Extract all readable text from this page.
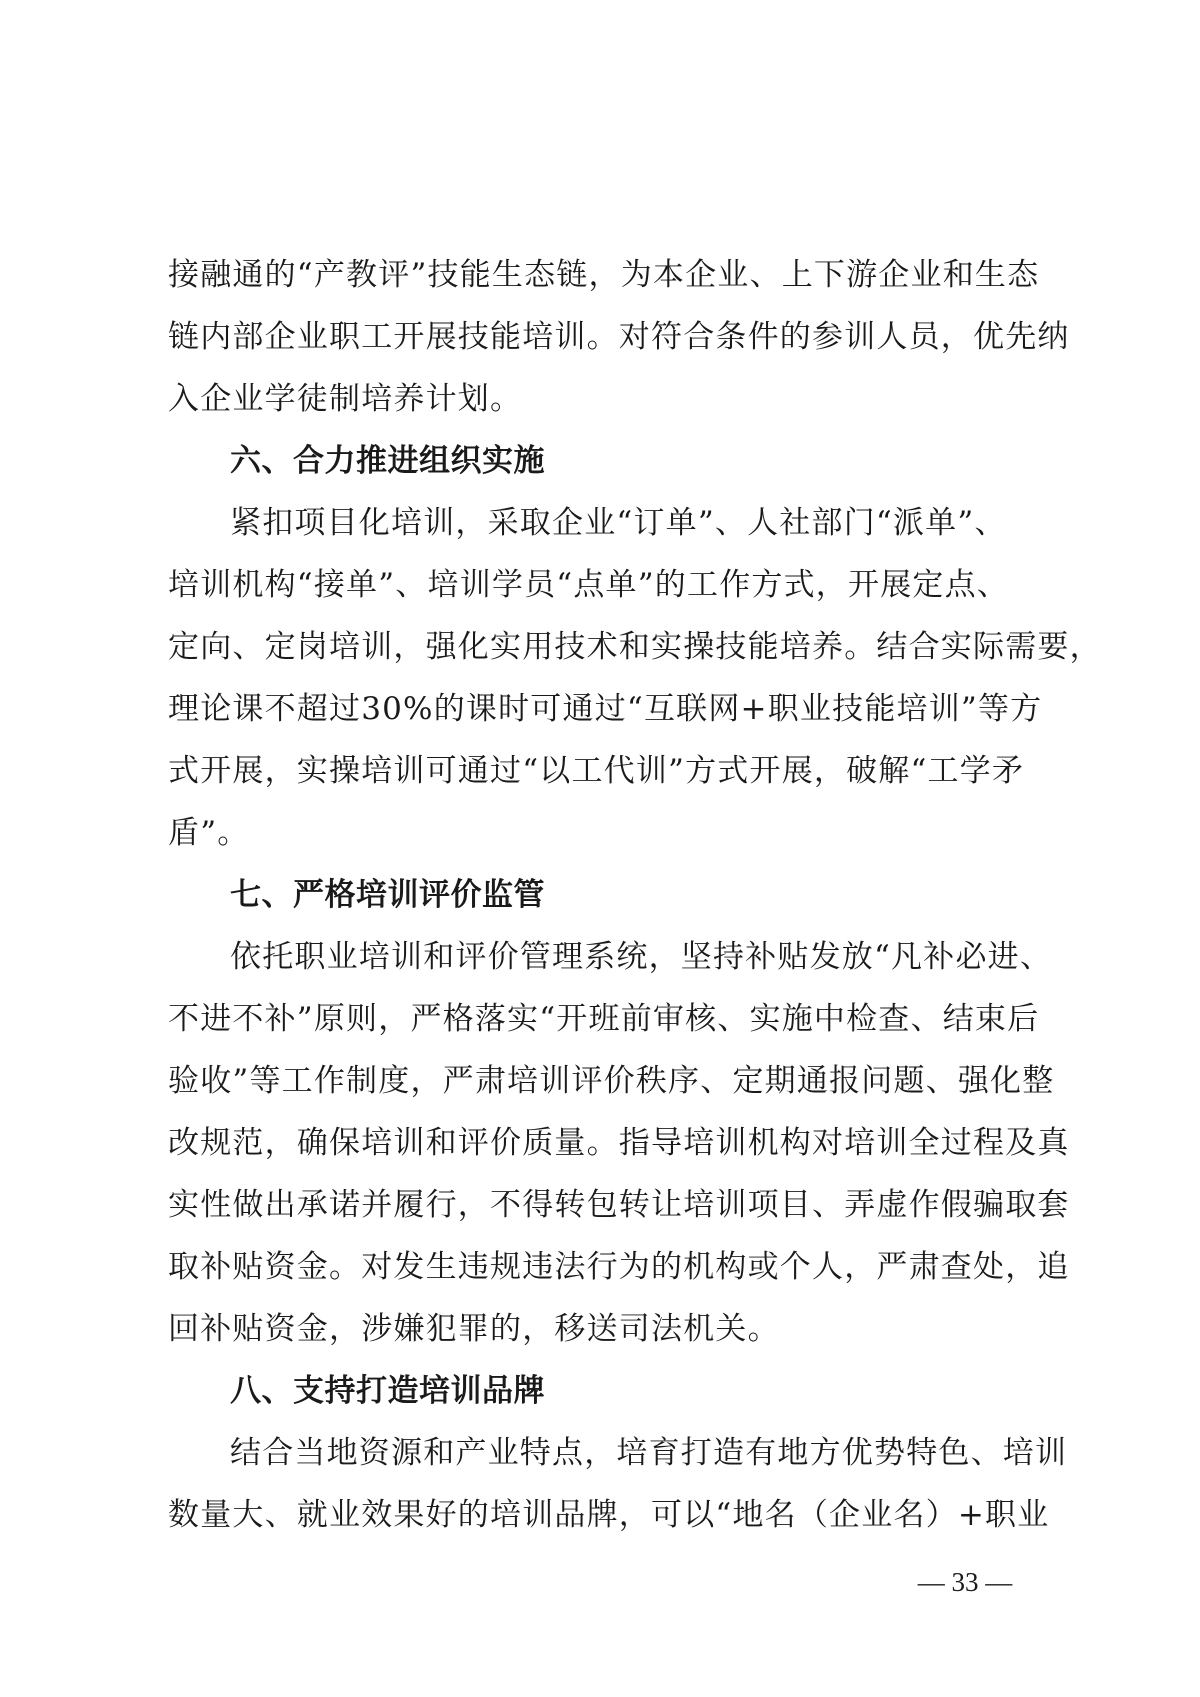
接融通的“产教评”技能生态链，为本企业、上下游企业和生态
链内部企业职工开展技能培训。对符合条件的参训人员，优先纳
入企业学徒制培养计划。
六、合力推进组织实施
紧扣项目化培训，采取企业“订单”、人社部门“派单”、
培训机构“接单”、培训学员“点单”的工作方式，开展定点、
定向、定岗培训，强化实用技术和实操技能培养。结合实际需要，
理论课不超过30%的课时可通过“互联网+职业技能培训”等方
式开展，实操培训可通过“以工代训”方式开展，破解“工学矛
盾”。
七、严格培训评价监管
依托职业培训和评价管理系统，坚持补贴发放“凡补必进、
不进不补”原则，严格落实“开班前审核、实施中检查、结束后
验收”等工作制度，严肃培训评价秩序、定期通报问题、强化整
改规范，确保培训和评价质量。指导培训机构对培训全过程及真
实性做出承诺并履行，不得转包转让培训项目、弄虚作假骗取套
取补贴资金。对发生违规违法行为的机构或个人，严肃查处，追
回补贴资金，涉嫌犯罪的，移送司法机关。
八、支持打造培训品牌
结合当地资源和产业特点，培育打造有地方优势特色、培训
数量大、就业效果好的培训品牌，可以“地名（企业名）+职业
— 33 —
